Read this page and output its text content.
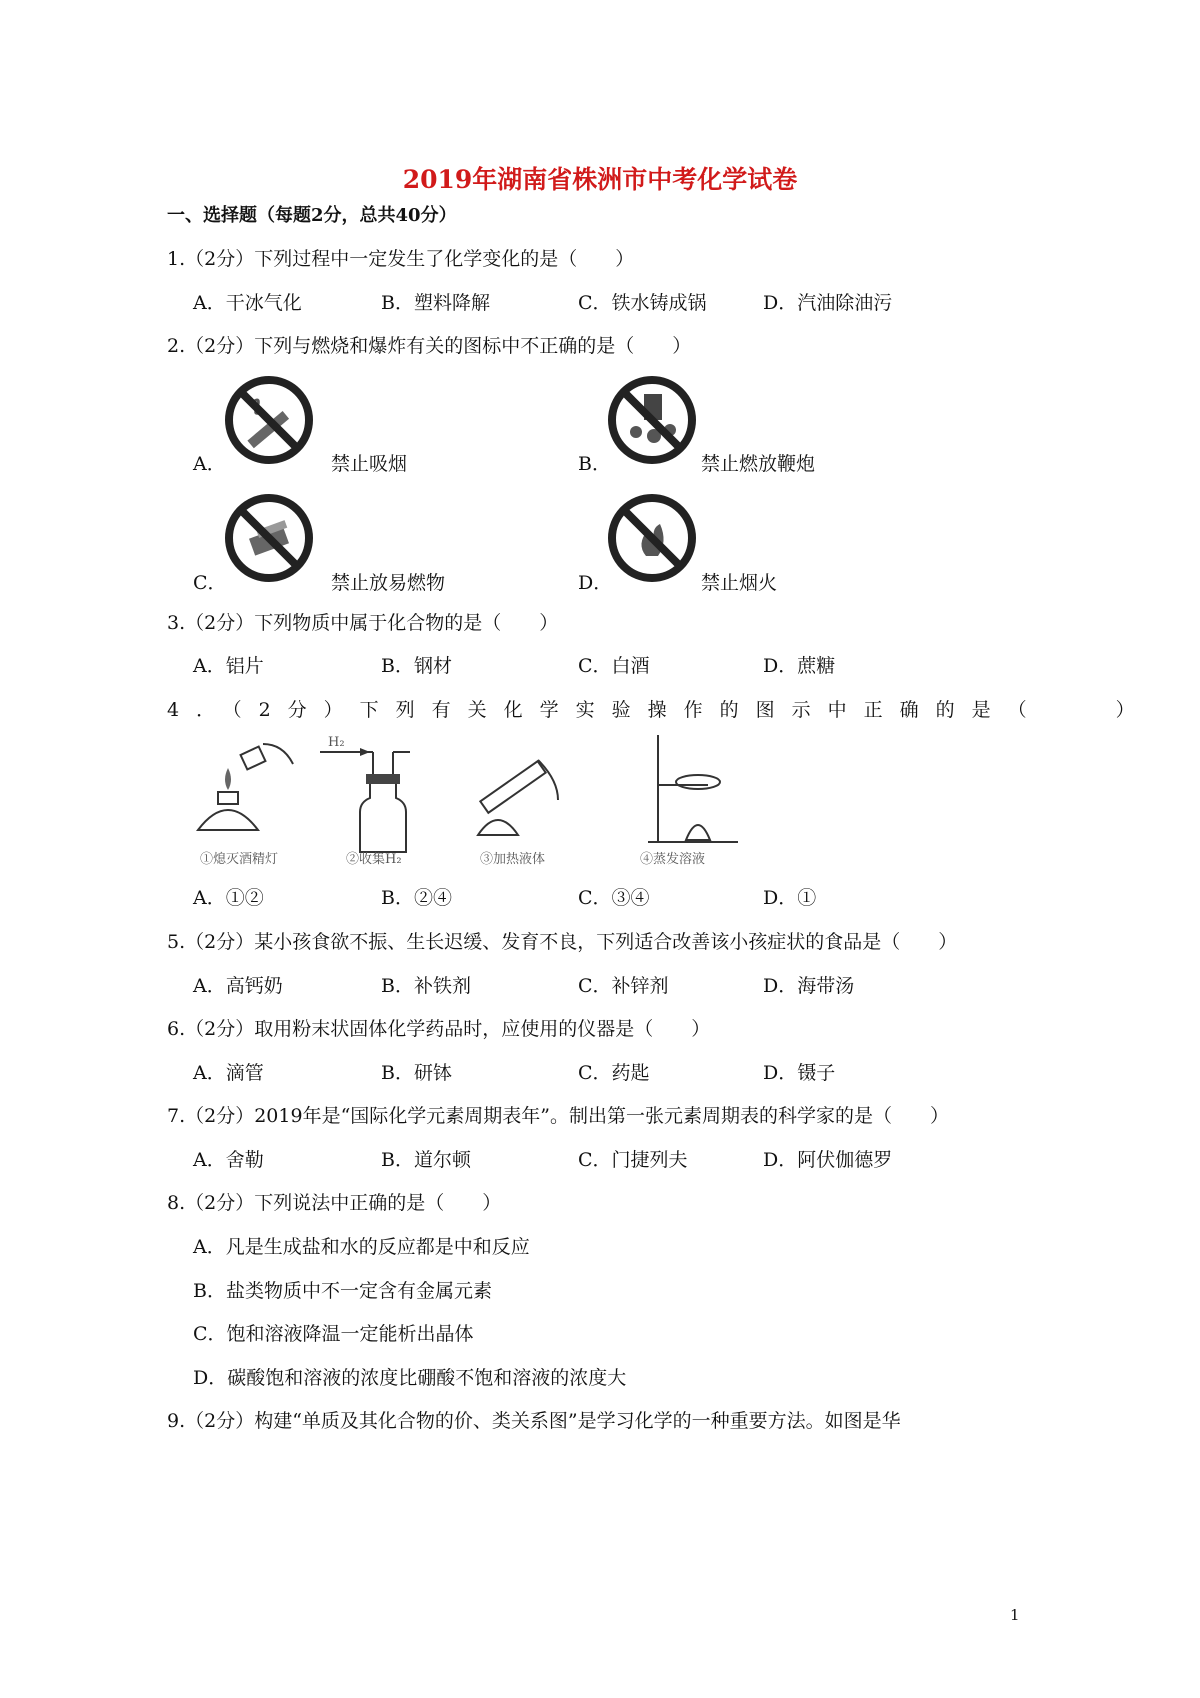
2019年湖南省株洲市中考化学试卷
一、选择题（每题2分，总共40分）
1.（2分）下列过程中一定发生了化学变化的是（　　）
A．干冰气化	B．塑料降解	C．铁水铸成锅	D．汽油除油污
2.（2分）下列与燃烧和爆炸有关的图标中不正确的是（　　）
A．	禁止吸烟	B．	禁止燃放鞭炮
C．	禁止放易燃物	D．	禁止烟火
3.（2分）下列物质中属于化合物的是（　　）
A．铝片	B．钢材	C．白酒	D．蔗糖
4．（2分）下列有关化学实验操作的图示中正确的是（　　）
①熄灭酒精灯
H₂
②收集H₂	③加热液体	④蒸发溶液
A．①②	B．②④	C．③④	D．①
5.（2分）某小孩食欲不振、生长迟缓、发育不良，下列适合改善该小孩症状的食品是（　　）
A．高钙奶	B．补铁剂	C．补锌剂	D．海带汤
6.（2分）取用粉末状固体化学药品时，应使用的仪器是（　　）
A．滴管	B．研钵	C．药匙	D．镊子
7.（2分）2019年是“国际化学元素周期表年”。制出第一张元素周期表的科学家的是（　　）
A．舍勒	B．道尔顿	C．门捷列夫	D．阿伏伽德罗
8.（2分）下列说法中正确的是（　　）
A．凡是生成盐和水的反应都是中和反应
B．盐类物质中不一定含有金属元素
C．饱和溶液降温一定能析出晶体
D．碳酸饱和溶液的浓度比硼酸不饱和溶液的浓度大
9.（2分）构建“单质及其化合物的价、类关系图”是学习化学的一种重要方法。如图是华
1
